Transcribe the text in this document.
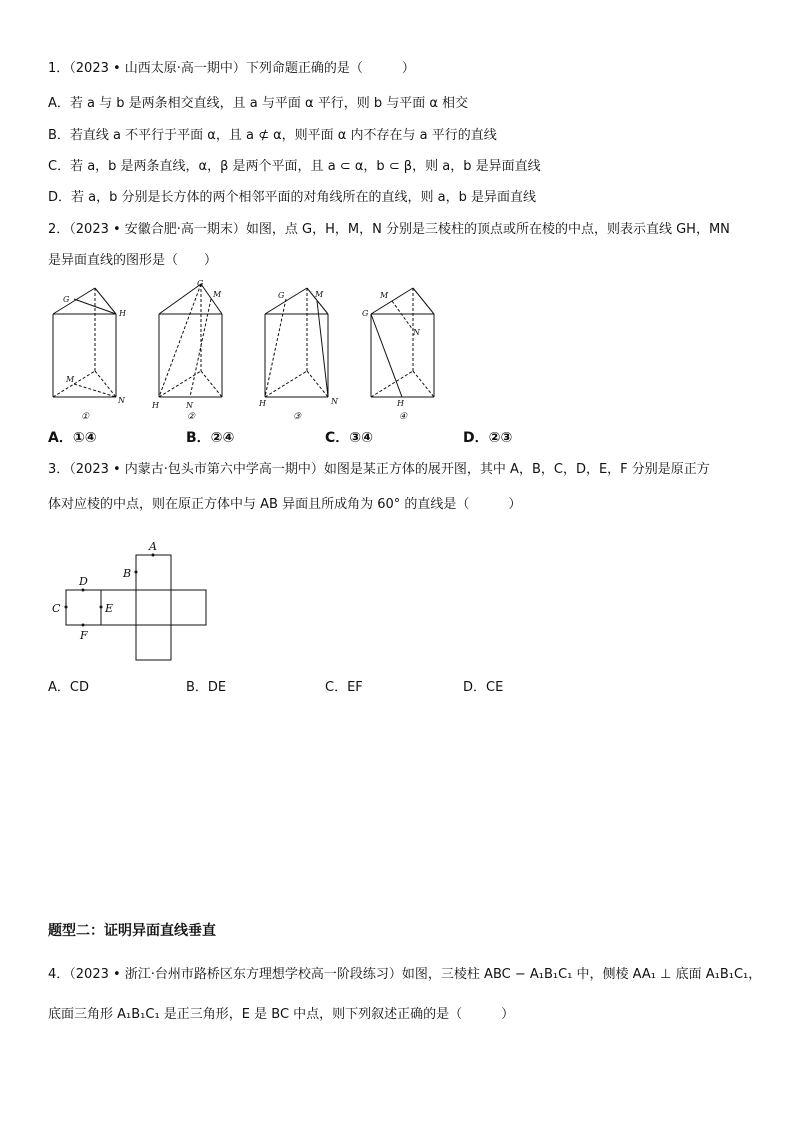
1．（2023 • 山西太原·高一期中）下列命题正确的是（　　　）
A．若 a 与 b 是两条相交直线，且 a 与平面 α 平行，则 b 与平面 α 相交
B．若直线 a 不平行于平面 α，且 a ⊄ α，则平面 α 内不存在与 a 平行的直线
C．若 a，b 是两条直线，α，β 是两个平面，且 a ⊂ α，b ⊂ β，则 a，b 是异面直线
D．若 a，b 分别是长方体的两个相邻平面的对角线所在的直线，则 a，b 是异面直线
2．（2023 • 安徽合肥·高一期末）如图，点 G，H，M，N 分别是三棱柱的顶点或所在棱的中点，则表示直线 GH，MN
是异面直线的图形是（　　）
G
H
M
N
G
H
M
N
G
H
M
N
G
H
M
N
①	②	③	④
A．①④	B．②④	C．③④	D．②③
3．（2023 • 内蒙古·包头市第六中学高一期中）如图是某正方体的展开图，其中 A，B，C，D，E，F 分别是原正方
体对应棱的中点，则在原正方体中与 AB 异面且所成角为 60° 的直线是（　　　）
A
B
C
D
E
F
A．CD	B．DE	C．EF	D．CE
题型二：证明异面直线垂直
4．（2023 • 浙江·台州市路桥区东方理想学校高一阶段练习）如图，三棱柱 ABC − A₁B₁C₁ 中，侧棱 AA₁ ⊥ 底面 A₁B₁C₁，
底面三角形 A₁B₁C₁ 是正三角形，E 是 BC 中点，则下列叙述正确的是（　　　）
